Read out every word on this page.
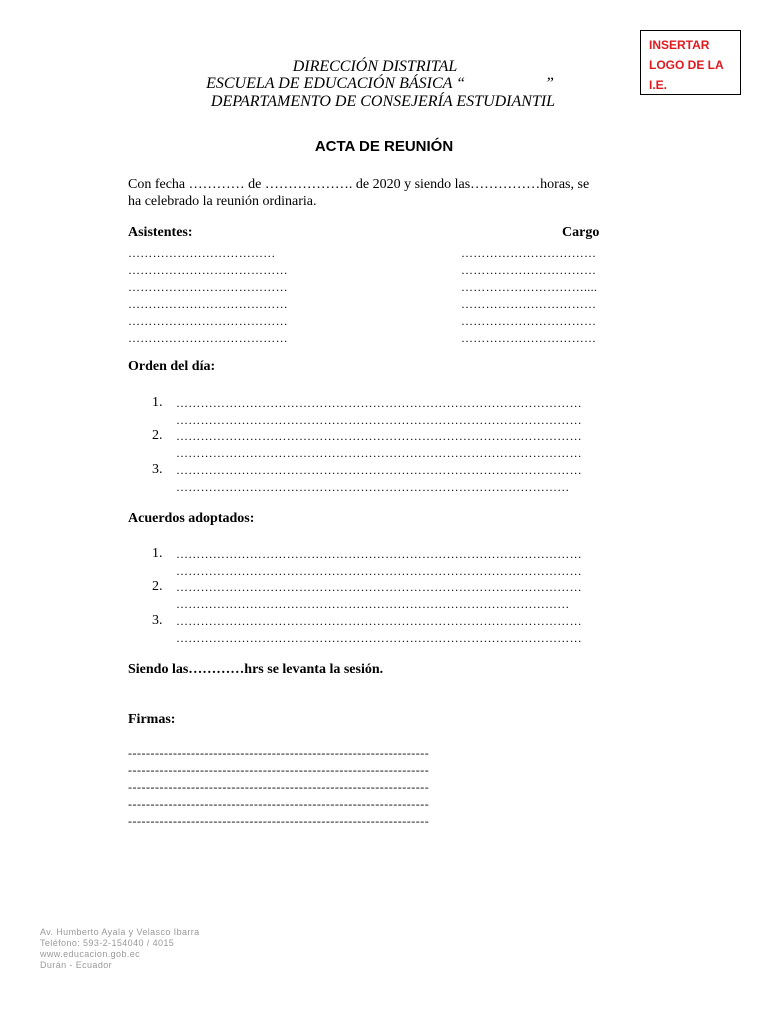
INSERTAR
LOGO DE LA
I.E.
DIRECCIÓN DISTRITAL
ESCUELA DE EDUCACIÓN BÁSICA “                    ”
DEPARTAMENTO DE CONSEJERÍA ESTUDIANTIL
ACTA DE REUNIÓN
Con fecha ………… de ………………. de 2020 y siendo las……………horas, se
ha celebrado la reunión ordinaria.
Asistentes:	Cargo
………………………………
…………………………………
…………………………………
…………………………………
…………………………………
…………………………………
……………………………
……………………………
…………………………....
……………………………
……………………………
……………………………
Orden del día:
1. ………………………………………………………………………………………
………………………………………………………………………………………
2. ………………………………………………………………………………………
………………………………………………………………………………………
3. ………………………………………………………………………………………
……………………………………………………………………………………
Acuerdos adoptados:
1. ………………………………………………………………………………………
………………………………………………………………………………………
2. ………………………………………………………………………………………
……………………………………………………………………………………
3. ………………………………………………………………………………………
………………………………………………………………………………………
Siendo las…………hrs se levanta la sesión.
Firmas:
-------------------------------------------------------------------
-------------------------------------------------------------------
-------------------------------------------------------------------
-------------------------------------------------------------------
-------------------------------------------------------------------
Av. Humberto Ayala y Velasco Ibarra
Teléfono: 593-2-154040 / 4015
www.educacion.gob.ec
Durán - Ecuador
